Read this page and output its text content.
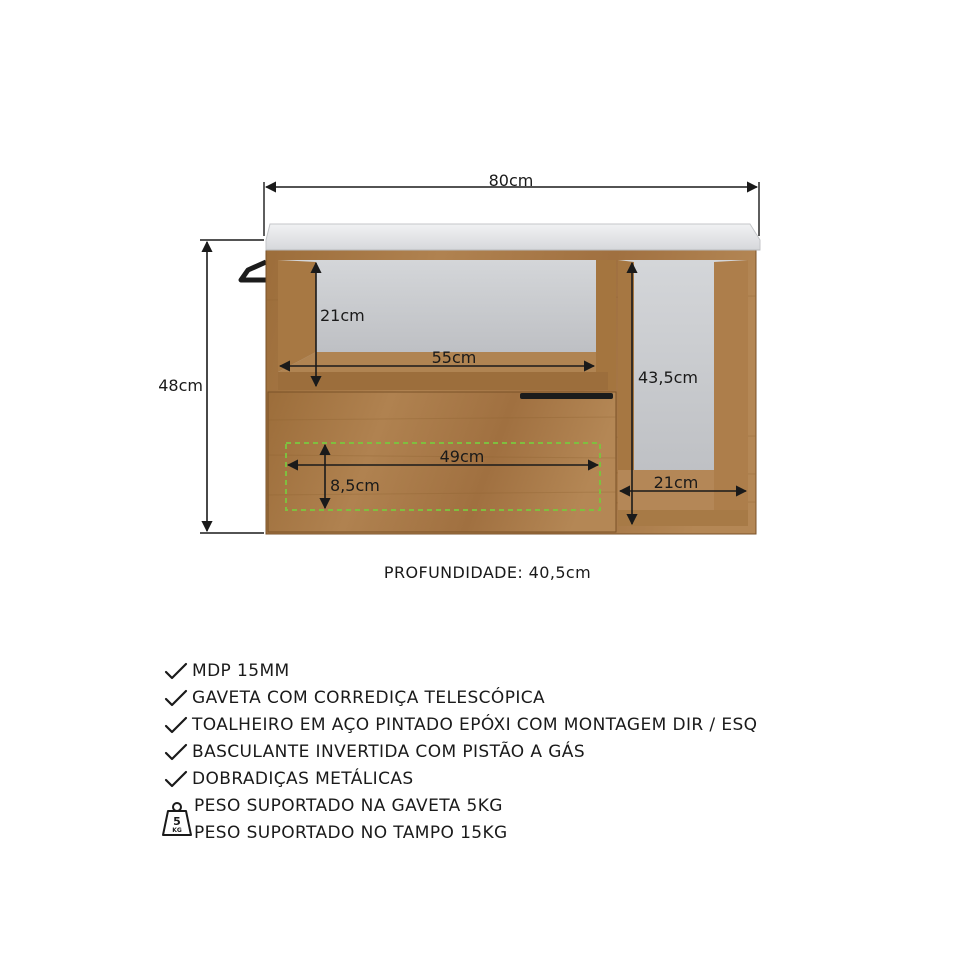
80cm
48cm
21cm
55cm
43,5cm
21cm
49cm
8,5cm
PROFUNDIDADE: 40,5cm
MDP 15MM
GAVETA COM CORREDIÇA TELESCÓPICA
TOALHEIRO EM AÇO PINTADO EPÓXI COM MONTAGEM DIR / ESQ
BASCULANTE INVERTIDA COM PISTÃO A GÁS
DOBRADIÇAS METÁLICAS
5
KG
PESO SUPORTADO NA GAVETA 5KG
PESO SUPORTADO NO TAMPO 15KG
